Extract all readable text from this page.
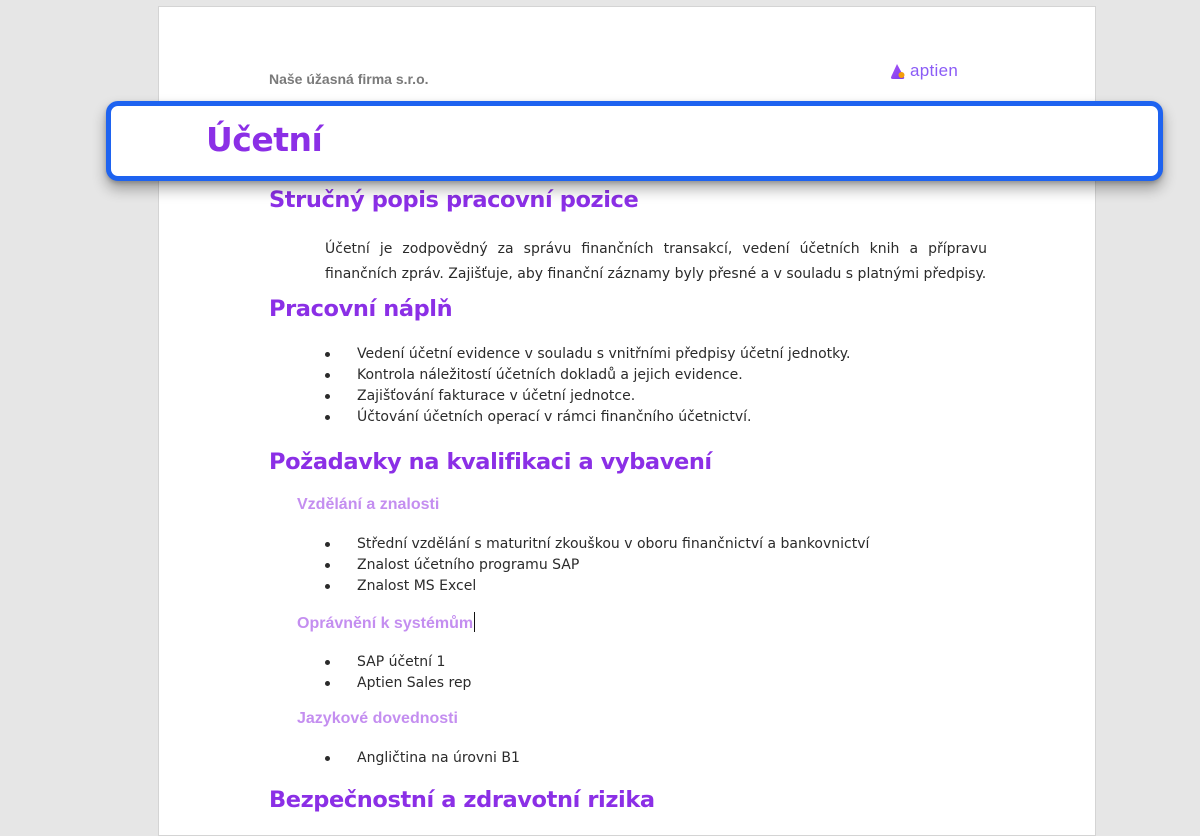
Naše úžasná firma s.r.o.	aptien
Stručný popis pracovní pozice

Účetní je zodpovědný za správu finančních transakcí, vedení účetních knih a přípravu finančních zpráv. Zajišťuje, aby finanční záznamy byly přesné a v souladu s platnými předpisy.

Pracovní náplň
Vedení účetní evidence v souladu s vnitřními předpisy účetní jednotky.
Kontrola náležitostí účetních dokladů a jejich evidence.
Zajišťování fakturace v účetní jednotce.
Účtování účetních operací v rámci finančního účetnictví.
Požadavky na kvalifikaci a vybavení
Vzdělání a znalosti
Střední vzdělání s maturitní zkouškou v oboru finančnictví a bankovnictví
Znalost účetního programu SAP
Znalost MS Excel
Oprávnění k systémům
SAP účetní 1
Aptien Sales rep
Jazykové dovednosti
Angličtina na úrovni B1
Bezpečnostní a zdravotní rizika
Účetní
